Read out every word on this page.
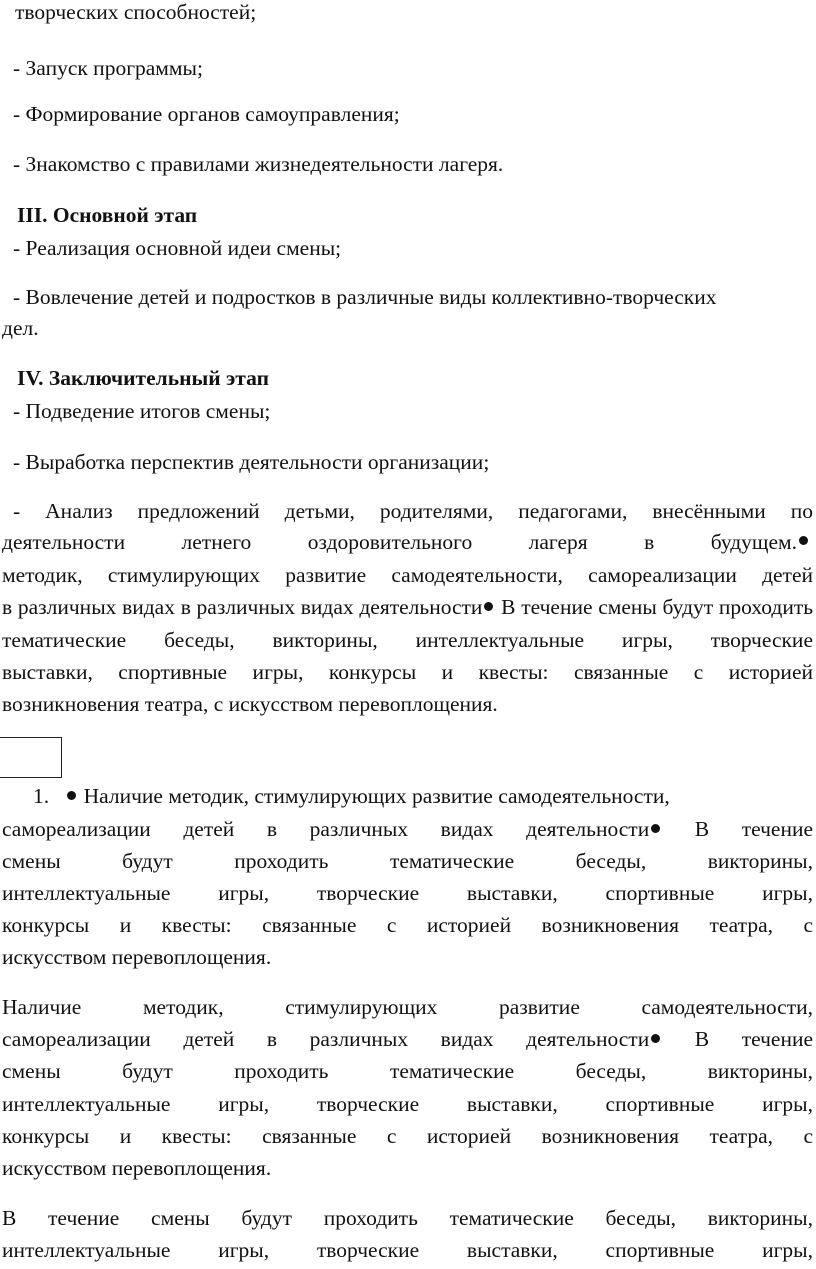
творческих способностей;
- Запуск программы;
- Формирование органов самоуправления;
- Знакомство с правилами жизнедеятельности лагеря.
III. Основной этап
- Реализация основной идеи смены;
- Вовлечение детей и подростков в различные виды коллективно-творческих
дел.
IV. Заключительный этап
- Подведение итогов смены;
- Выработка перспектив деятельности организации;
- Анализ предложений детьми, родителями, педагогами, внесёнными по
деятельности летнего оздоровительного лагеря в будущем.
методик, стимулирующих развитие самодеятельности, самореализации детей
в различных видах в различных видах деятельности В течение смены будут проходить
тематические беседы, викторины, интеллектуальные игры, творческие
выставки, спортивные игры, конкурсы и квесты: связанные с историей
возникновения театра, с искусством перевоплощения.
1. Наличие методик, стимулирующих развитие самодеятельности,
самореализации детей в различных видах деятельности В течение
смены будут проходить тематические беседы, викторины,
интеллектуальные игры, творческие выставки, спортивные игры,
конкурсы и квесты: связанные с историей возникновения театра, с
искусством перевоплощения.
Наличие методик, стимулирующих развитие самодеятельности,
самореализации детей в различных видах деятельности В течение
смены будут проходить тематические беседы, викторины,
интеллектуальные игры, творческие выставки, спортивные игры,
конкурсы и квесты: связанные с историей возникновения театра, с
искусством перевоплощения.
В течение смены будут проходить тематические беседы, викторины,
интеллектуальные игры, творческие выставки, спортивные игры,
